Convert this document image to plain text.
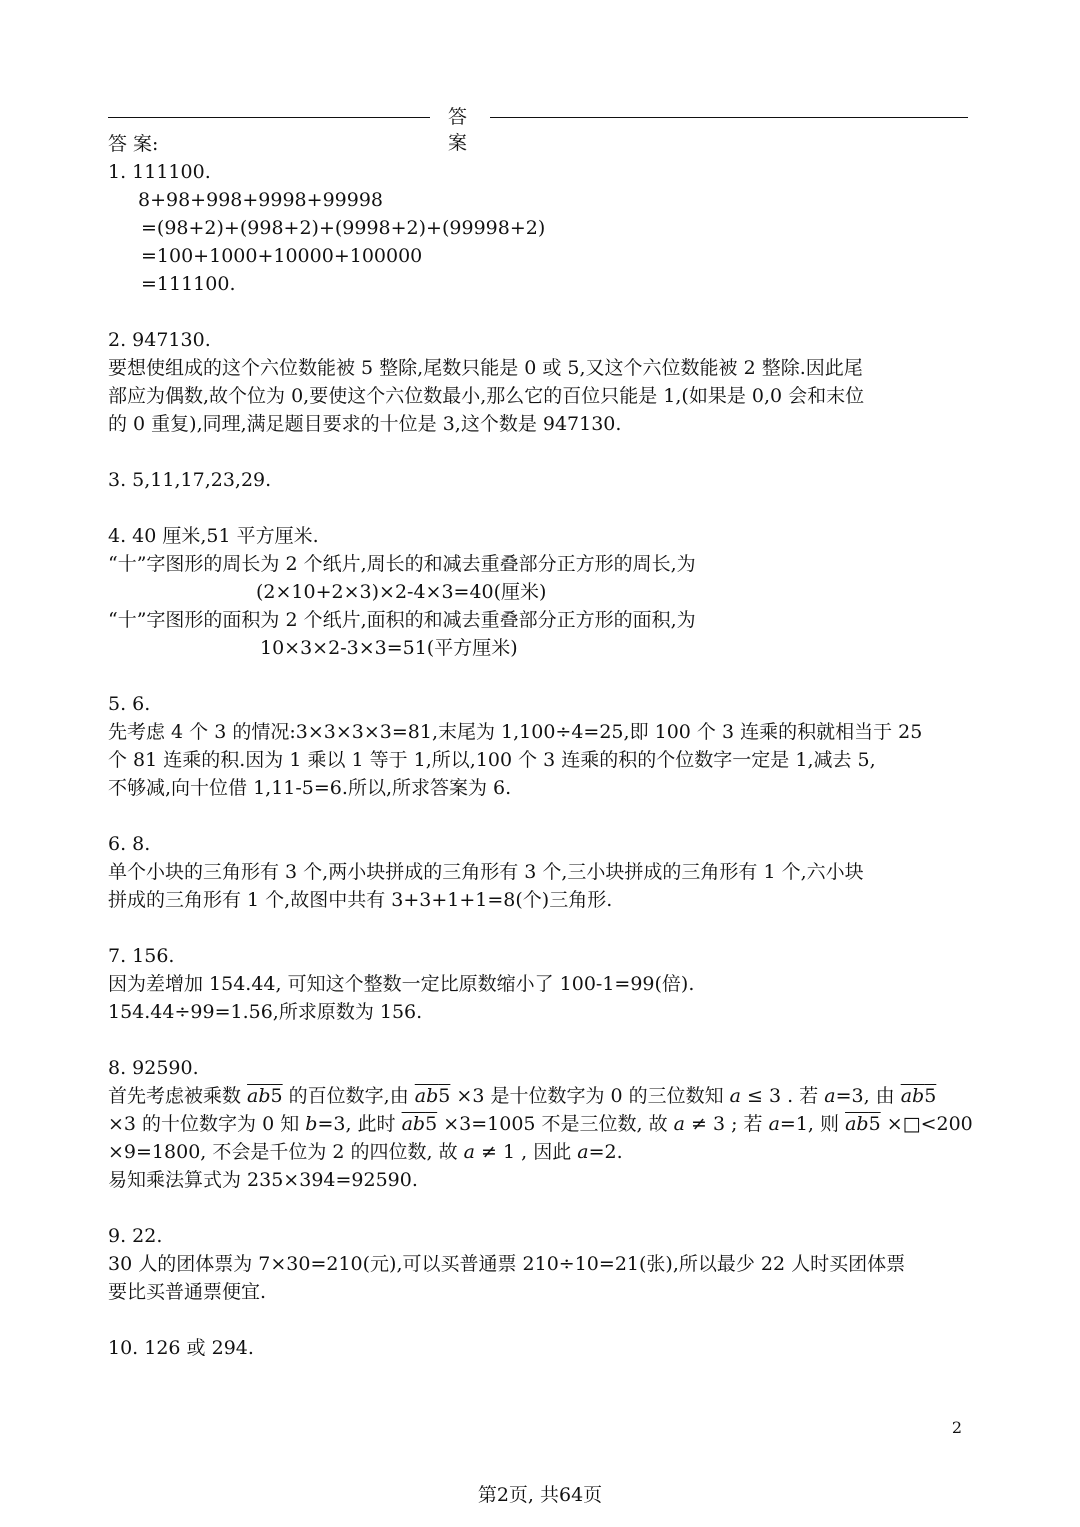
答 案
答 案:
1. 111100.
8+98+998+9998+99998
=(98+2)+(998+2)+(9998+2)+(99998+2)
=100+1000+10000+100000
=111100.
2. 947130.
要想使组成的这个六位数能被 5 整除,尾数只能是 0 或 5,又这个六位数能被 2 整除.因此尾
部应为偶数,故个位为 0,要使这个六位数最小,那么它的百位只能是 1,(如果是 0,0 会和末位
的 0 重复),同理,满足题目要求的十位是 3,这个数是 947130.
3. 5,11,17,23,29.
4. 40 厘米,51 平方厘米.
“十”字图形的周长为 2 个纸片,周长的和减去重叠部分正方形的周长,为
(2×10+2×3)×2-4×3=40(厘米)
“十”字图形的面积为 2 个纸片,面积的和减去重叠部分正方形的面积,为
10×3×2-3×3=51(平方厘米)
5. 6.
先考虑 4 个 3 的情况:3×3×3×3=81,末尾为 1,100÷4=25,即 100 个 3 连乘的积就相当于 25
个 81 连乘的积.因为 1 乘以 1 等于 1,所以,100 个 3 连乘的积的个位数字一定是 1,减去 5,
不够减,向十位借 1,11-5=6.所以,所求答案为 6.
6. 8.
单个小块的三角形有 3 个,两小块拼成的三角形有 3 个,三小块拼成的三角形有 1 个,六小块
拼成的三角形有 1 个,故图中共有 3+3+1+1=8(个)三角形.
7. 156.
因为差增加 154.44, 可知这个整数一定比原数缩小了 100-1=99(倍).
154.44÷99=1.56,所求原数为 156.
8. 92590.
首先考虑被乘数 ab5 的百位数字,由 ab5 ×3 是十位数字为 0 的三位数知 a ≤ 3 . 若 a=3, 由 ab5
×3 的十位数字为 0 知 b=3, 此时 ab5 ×3=1005 不是三位数, 故 a ≠ 3 ; 若 a=1, 则 ab5 ×□<200
×9=1800, 不会是千位为 2 的四位数, 故 a ≠ 1 , 因此 a=2.
易知乘法算式为 235×394=92590.
9. 22.
30 人的团体票为 7×30=210(元),可以买普通票 210÷10=21(张),所以最少 22 人时买团体票
要比买普通票便宜.
10. 126 或 294.
2
第2页, 共64页
